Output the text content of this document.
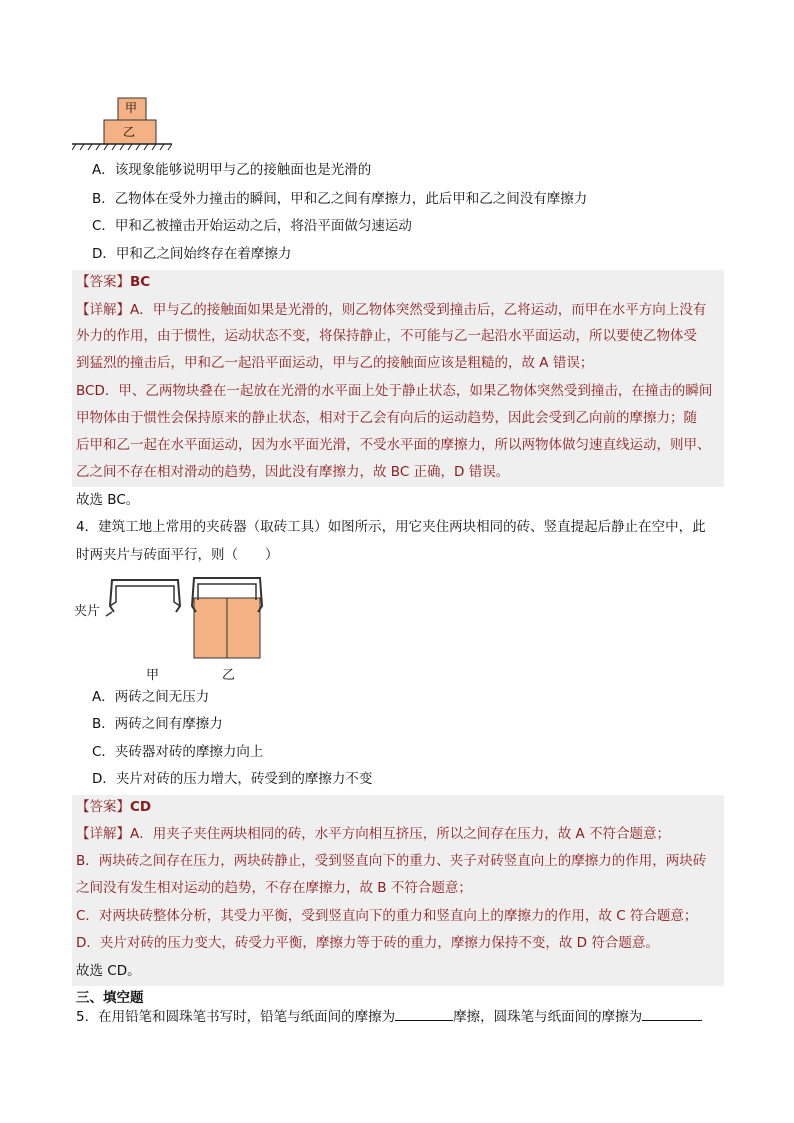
甲
乙
A．该现象能够说明甲与乙的接触面也是光滑的
B．乙物体在受外力撞击的瞬间，甲和乙之间有摩擦力，此后甲和乙之间没有摩擦力
C．甲和乙被撞击开始运动之后，将沿平面做匀速运动
D．甲和乙之间始终存在着摩擦力
【答案】BC
【详解】A．甲与乙的接触面如果是光滑的，则乙物体突然受到撞击后，乙将运动，而甲在水平方向上没有
外力的作用，由于惯性，运动状态不变，将保持静止，不可能与乙一起沿水平面运动，所以要使乙物体受
到猛烈的撞击后，甲和乙一起沿平面运动，甲与乙的接触面应该是粗糙的，故 A 错误；
BCD．甲、乙两物块叠在一起放在光滑的水平面上处于静止状态，如果乙物体突然受到撞击，在撞击的瞬间
甲物体由于惯性会保持原来的静止状态，相对于乙会有向后的运动趋势，因此会受到乙向前的摩擦力；随
后甲和乙一起在水平面运动，因为水平面光滑，不受水平面的摩擦力，所以两物体做匀速直线运动，则甲、
乙之间不存在相对滑动的趋势，因此没有摩擦力，故 BC 正确，D 错误。
故选 BC。
4．建筑工地上常用的夹砖器（取砖工具）如图所示，用它夹住两块相同的砖、竖直提起后静止在空中，此
时两夹片与砖面平行，则（　　）
夹片
甲	乙
A．两砖之间无压力
B．两砖之间有摩擦力
C．夹砖器对砖的摩擦力向上
D．夹片对砖的压力增大，砖受到的摩擦力不变
【答案】CD
【详解】A．用夹子夹住两块相同的砖，水平方向相互挤压，所以之间存在压力，故 A 不符合题意；
B．两块砖之间存在压力，两块砖静止，受到竖直向下的重力、夹子对砖竖直向上的摩擦力的作用，两块砖
之间没有发生相对运动的趋势，不存在摩擦力，故 B 不符合题意；
C．对两块砖整体分析，其受力平衡，受到竖直向下的重力和竖直向上的摩擦力的作用，故 C 符合题意；
D．夹片对砖的压力变大，砖受力平衡，摩擦力等于砖的重力，摩擦力保持不变，故 D 符合题意。
故选 CD。
三、填空题
5．在用铅笔和圆珠笔书写时，铅笔与纸面间的摩擦为	摩擦，圆珠笔与纸面间的摩擦为
